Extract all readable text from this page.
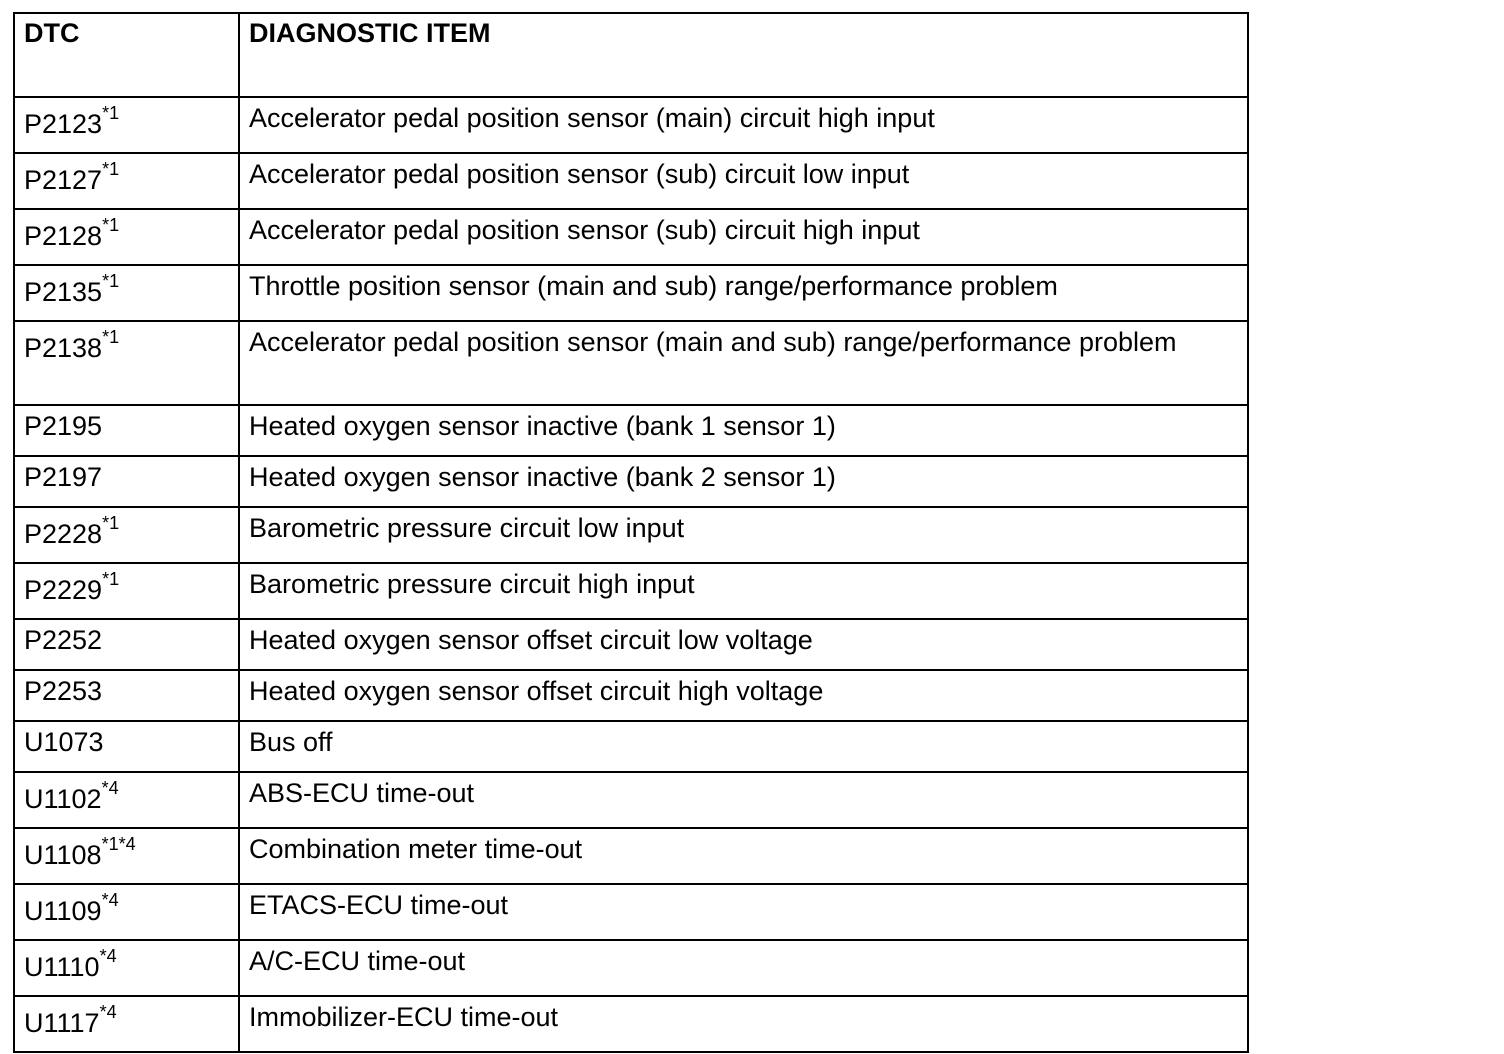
DTC	DIAGNOSTIC ITEM
P2123$^{*1}$	Accelerator pedal position sensor (main) circuit high input
P2127$^{*1}$	Accelerator pedal position sensor (sub) circuit low input
P2128$^{*1}$	Accelerator pedal position sensor (sub) circuit high input
P2135$^{*1}$	Throttle position sensor (main and sub) range/performance problem
P2138$^{*1}$	Accelerator pedal position sensor (main and sub) range/performance problem
P2195	Heated oxygen sensor inactive (bank 1 sensor 1)
P2197	Heated oxygen sensor inactive (bank 2 sensor 1)
P2228$^{*1}$	Barometric pressure circuit low input
P2229$^{*1}$	Barometric pressure circuit high input
P2252	Heated oxygen sensor offset circuit low voltage
P2253	Heated oxygen sensor offset circuit high voltage
U1073	Bus off
U1102$^{*4}$	ABS-ECU time-out
U1108$^{*1*4}$	Combination meter time-out
U1109$^{*4}$	ETACS-ECU time-out
U1110$^{*4}$	A/C-ECU time-out
U1117$^{*4}$	Immobilizer-ECU time-out
